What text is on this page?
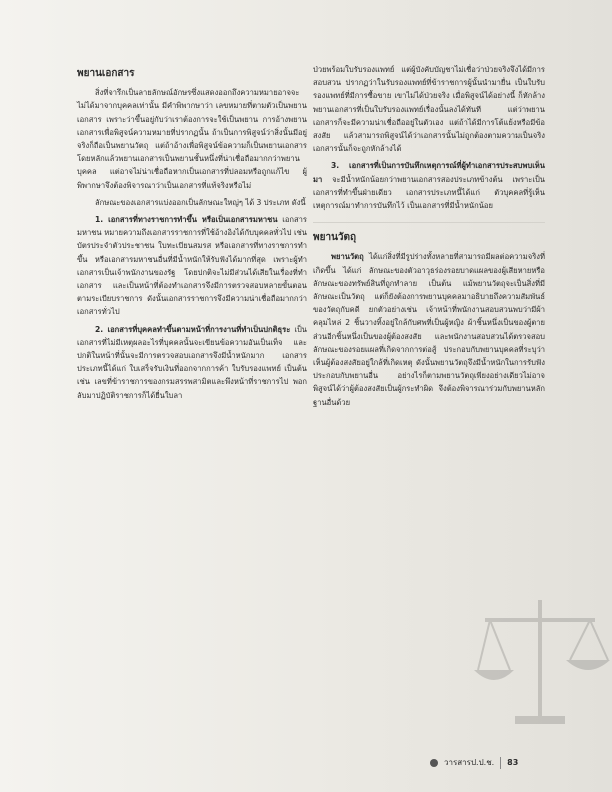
พยานเอกสาร

สิ่งที่จารึกเป็นลายลักษณ์อักษรซึ่งแสดงออกถึงความหมายอาจจะไม่ได้มาจากบุคคลเท่านั้น มีคำพิพากษาว่า เลขหมายที่ตามตัวเป็นพยานเอกสาร เพราะว่าขึ้นอยู่กับว่าเราต้องการจะใช้เป็นพยาน การอ้างพยานเอกสารเพื่อพิสูจน์ความหมายที่ปรากฏนั้น ถ้าเป็นการพิสูจน์ว่าสิ่งนั้นมีอยู่จริงก็ถือเป็นพยานวัตถุ แต่ถ้าอ้างเพื่อพิสูจน์ข้อความก็เป็นพยานเอกสาร โดยหลักแล้วพยานเอกสารเป็นพยานชั้นหนึ่งที่น่าเชื่อถือมากกว่าพยานบุคคล แต่อาจไม่น่าเชื่อถือหากเป็นเอกสารที่ปลอมหรือถูกแก้ไข ผู้พิพากษาจึงต้องพิจารณาว่าเป็นเอกสารที่แท้จริงหรือไม่

ลักษณะของเอกสารแบ่งออกเป็นลักษณะใหญ่ๆ ได้ 3 ประเภท ดังนี้

1. เอกสารที่ทางราชการทำขึ้น หรือเป็นเอกสารมหาชน เอกสารมหาชน หมายความถึงเอกสารราชการที่ใช้อ้างอิงได้กับบุคคลทั่วไป เช่น บัตรประจำตัวประชาชน ใบทะเบียนสมรส หรือเอกสารที่ทางราชการทำขึ้น หรือเอกสารมหาชนอื่นที่มีน้ำหนักให้รับฟังได้มากที่สุด เพราะผู้ทำเอกสารเป็นเจ้าพนักงานของรัฐ โดยปกติจะไม่มีส่วนได้เสียในเรื่องที่ทำเอกสาร และเป็นหน้าที่ต้องทำเอกสารจึงมีการตรวจสอบหลายขั้นตอนตามระเบียบราชการ ดังนั้นเอกสารราชการจึงมีความน่าเชื่อถือมากกว่าเอกสารทั่วไป

2. เอกสารที่บุคคลทำขึ้นตามหน้าที่การงานที่ทำเป็นปกติธุระ เป็นเอกสารที่ไม่มีเหตุผลอะไรที่บุคคลนั้นจะเขียนข้อความอันเป็นเท็จ และปกติในหน้าที่นั้นจะมีการตรวจสอบเอกสารจึงมีน้ำหนักมาก เอกสารประเภทนี้ได้แก่ ใบเสร็จรับเงินที่ออกจากการค้า ใบรับรองแพทย์ เป็นต้น เช่น เลขที่ข้าราชการของกรมสรรพสามิตและพึงหน้าที่ราชการไป พอกลับมาปฏิบัติราชการก็ได้ยื่นใบลา

ป่วยพร้อมใบรับรองแพทย์ แต่ผู้บังคับบัญชาไม่เชื่อว่าป่วยจริงจึงได้มีการสอบสวน ปรากฏว่าในรับรองแพทย์ที่ข้าราชการผู้นั้นนำมายื่น เป็นใบรับรองแพทย์ที่มีการซื้อขาย เขาไม่ได้ป่วยจริง เมื่อพิสูจน์ได้อย่างนี้ ก็หักล้างพยานเอกสารที่เป็นใบรับรองแพทย์เรื่องนั้นลงได้ทันที แต่ว่าพยานเอกสารก็จะมีความน่าเชื่อถืออยู่ในตัวเอง แต่ถ้าได้มีการโต้แย้งหรือมีข้อสงสัย แล้วสามารถพิสูจน์ได้ว่าเอกสารนั้นไม่ถูกต้องตามความเป็นจริง เอกสารนั้นก็จะถูกหักล้างได้

3. เอกสารที่เป็นการบันทึกเหตุการณ์ที่ผู้ทำเอกสารประสบพบเห็นมา จะมีน้ำหนักน้อยกว่าพยานเอกสารสองประเภทข้างต้น เพราะเป็นเอกสารที่ทำขึ้นฝ่ายเดียว เอกสารประเภทนี้ได้แก่ ตัวบุคคลที่รู้เห็นเหตุการณ์มาทำการบันทึกไว้ เป็นเอกสารที่มีน้ำหนักน้อย

พยานวัตถุ

พยานวัตถุ ได้แก่สิ่งที่มีรูปร่างทั้งหลายที่สามารถมีผลต่อความจริงที่เกิดขึ้น ได้แก่ ลักษณะของตัวอาวุธร่องรอยบาดแผลของผู้เสียหายหรือลักษณะของทรัพย์สินที่ถูกทำลาย เป็นต้น แม้พยานวัตถุจะเป็นสิ่งที่มีลักษณะเป็นวัตถุ แต่ก็ยังต้องการพยานบุคคลมาอธิบายถึงความสัมพันธ์ของวัตถุกับคดี ยกตัวอย่างเช่น เจ้าหน้าที่พนักงานสอบสวนพบว่ามีผ้าคลุมไหล่ 2 ชิ้นวางทิ้งอยู่ใกล้กับศพที่เป็นผู้หญิง ผ้าชิ้นหนึ่งเป็นของผู้ตาย ส่วนอีกชิ้นหนึ่งเป็นของผู้ต้องสงสัย และพนักงานสอบสวนได้ตรวจสอบลักษณะของรอยแผลที่เกิดจากการต่อสู้ ประกอบกับพยานบุคคลที่ระบุว่าเห็นผู้ต้องสงสัยอยู่ใกล้ที่เกิดเหตุ ดังนั้นพยานวัตถุจึงมีน้ำหนักในการรับฟังประกอบกับพยานอื่น อย่างไรก็ตามพยานวัตถุเพียงอย่างเดียวไม่อาจพิสูจน์ได้ว่าผู้ต้องสงสัยเป็นผู้กระทำผิด จึงต้องพิจารณาร่วมกับพยานหลักฐานอื่นด้วย

วารสารป.ป.ช. 83
